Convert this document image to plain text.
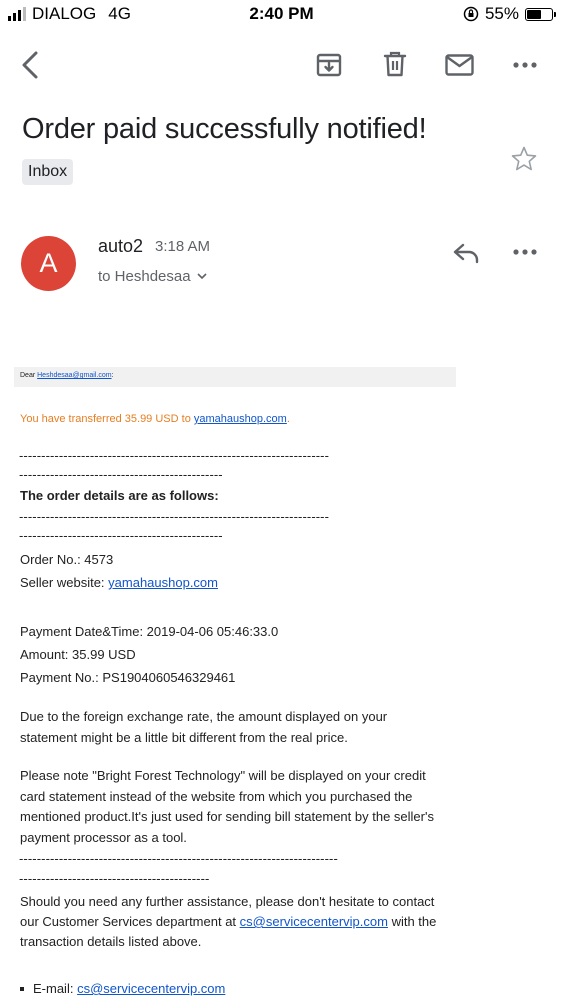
DIALOG 4G	2:40 PM	55%
Order paid successfully notified!
Inbox
A
auto2 3:18 AM
to Heshdesaa
Dear Heshdesaa@gmail.com:
You have transferred 35.99 USD to yamahaushop.com.
----------------------------------------------------------------------
----------------------------------------------
The order details are as follows:
----------------------------------------------------------------------
----------------------------------------------
Order No.: 4573
Seller website: yamahaushop.com
Payment Date&Time: 2019-04-06 05:46:33.0
Amount: 35.99 USD
Payment No.: PS1904060546329461
Due to the foreign exchange rate, the amount displayed on your
statement might be a little bit different from the real price.
Please note "Bright Forest Technology" will be displayed on your credit
card statement instead of the website from which you purchased the
mentioned product.It's just used for sending bill statement by the seller's
payment processor as a tool.
------------------------------------------------------------------------
-------------------------------------------
Should you need any further assistance, please don't hesitate to contact
our Customer Services department at cs@servicecentervip.com with the
transaction details listed above.
E-mail: cs@servicecentervip.com
